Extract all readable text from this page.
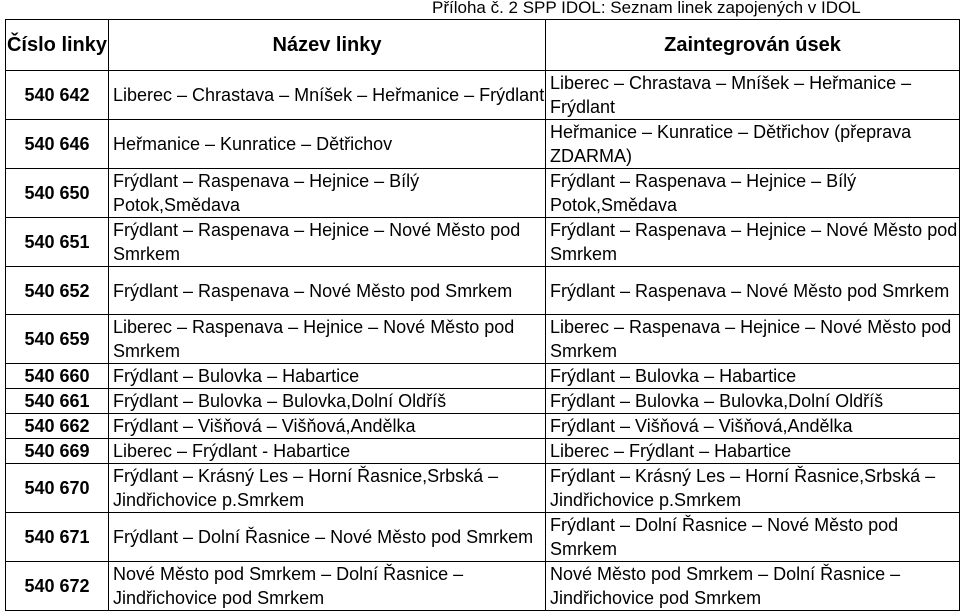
Příloha č. 2 SPP IDOL: Seznam linek zapojených v IDOL
Číslo linky	Název linky	Zaintegrován úsek
540 642	Liberec – Chrastava – Mníšek – Heřmanice – Frýdlant	Liberec – Chrastava – Mníšek – Heřmanice – Frýdlant
540 646	Heřmanice – Kunratice – Dětřichov	Heřmanice – Kunratice – Dětřichov (přeprava ZDARMA)
540 650	Frýdlant – Raspenava – Hejnice – Bílý Potok,Smědava	Frýdlant – Raspenava – Hejnice – Bílý Potok,Smědava
540 651	Frýdlant – Raspenava – Hejnice – Nové Město pod Smrkem	Frýdlant – Raspenava – Hejnice – Nové Město pod Smrkem
540 652	Frýdlant – Raspenava – Nové Město pod Smrkem	Frýdlant – Raspenava – Nové Město pod Smrkem
540 659	Liberec – Raspenava – Hejnice – Nové Město pod Smrkem	Liberec – Raspenava – Hejnice – Nové Město pod Smrkem
540 660	Frýdlant – Bulovka – Habartice	Frýdlant – Bulovka – Habartice
540 661	Frýdlant – Bulovka – Bulovka,Dolní Oldříš	Frýdlant – Bulovka – Bulovka,Dolní Oldříš
540 662	Frýdlant – Višňová – Višňová,Andělka	Frýdlant – Višňová – Višňová,Andělka
540 669	Liberec – Frýdlant - Habartice	Liberec – Frýdlant – Habartice
540 670	Frýdlant – Krásný Les – Horní Řasnice,Srbská – Jindřichovice p.Smrkem	Frýdlant – Krásný Les – Horní Řasnice,Srbská – Jindřichovice p.Smrkem
540 671	Frýdlant – Dolní Řasnice – Nové Město pod Smrkem	Frýdlant – Dolní Řasnice – Nové Město pod Smrkem
540 672	Nové Město pod Smrkem – Dolní Řasnice – Jindřichovice pod Smrkem	Nové Město pod Smrkem – Dolní Řasnice – Jindřichovice pod Smrkem
